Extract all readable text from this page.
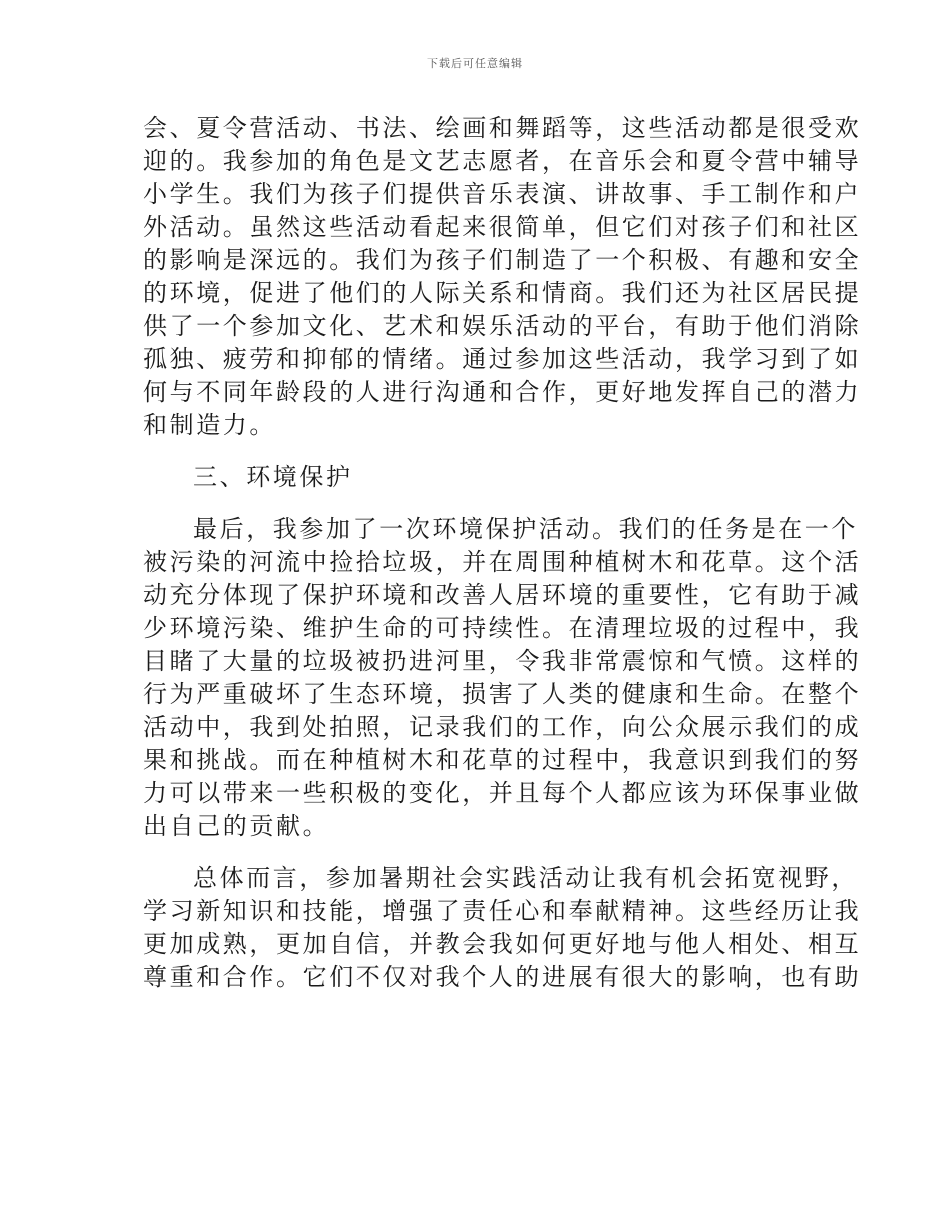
下载后可任意编辑
会、夏令营活动、书法、绘画和舞蹈等，这些活动都是很受欢
迎的。我参加的角色是文艺志愿者，在音乐会和夏令营中辅导
小学生。我们为孩子们提供音乐表演、讲故事、手工制作和户
外活动。虽然这些活动看起来很简单，但它们对孩子们和社区
的影响是深远的。我们为孩子们制造了一个积极、有趣和安全
的环境，促进了他们的人际关系和情商。我们还为社区居民提
供了一个参加文化、艺术和娱乐活动的平台，有助于他们消除
孤独、疲劳和抑郁的情绪。通过参加这些活动，我学习到了如
何与不同年龄段的人进行沟通和合作，更好地发挥自己的潜力
和制造力。
三、环境保护
最后，我参加了一次环境保护活动。我们的任务是在一个
被污染的河流中捡拾垃圾，并在周围种植树木和花草。这个活
动充分体现了保护环境和改善人居环境的重要性，它有助于减
少环境污染、维护生命的可持续性。在清理垃圾的过程中，我
目睹了大量的垃圾被扔进河里，令我非常震惊和气愤。这样的
行为严重破坏了生态环境，损害了人类的健康和生命。在整个
活动中，我到处拍照，记录我们的工作，向公众展示我们的成
果和挑战。而在种植树木和花草的过程中，我意识到我们的努
力可以带来一些积极的变化，并且每个人都应该为环保事业做
出自己的贡献。
总体而言，参加暑期社会实践活动让我有机会拓宽视野，
学习新知识和技能，增强了责任心和奉献精神。这些经历让我
更加成熟，更加自信，并教会我如何更好地与他人相处、相互
尊重和合作。它们不仅对我个人的进展有很大的影响，也有助
